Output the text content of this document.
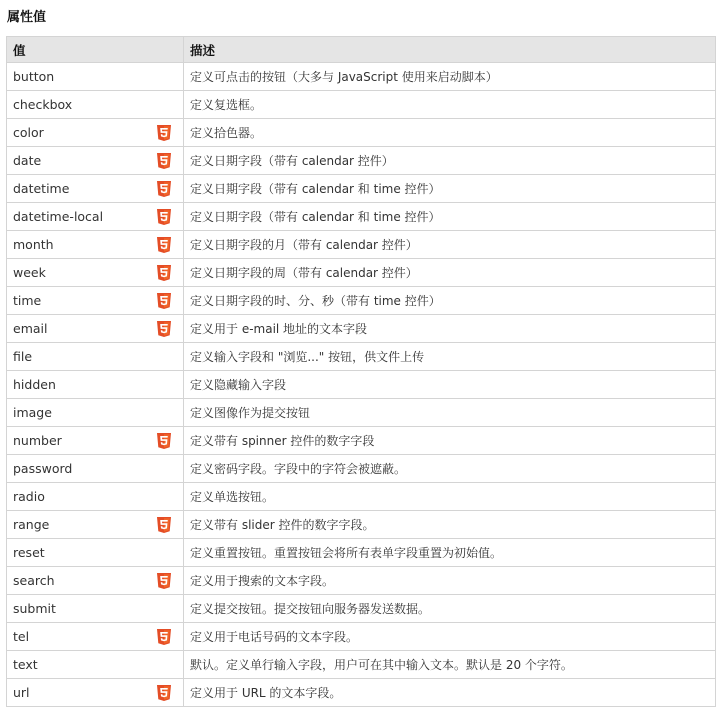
属性值
值	描述
button	定义可点击的按钮（大多与 JavaScript 使用来启动脚本）
checkbox	定义复选框。
color	定义拾色器。
date	定义日期字段（带有 calendar 控件）
datetime	定义日期字段（带有 calendar 和 time 控件）
datetime-local	定义日期字段（带有 calendar 和 time 控件）
month	定义日期字段的月（带有 calendar 控件）
week	定义日期字段的周（带有 calendar 控件）
time	定义日期字段的时、分、秒（带有 time 控件）
email	定义用于 e-mail 地址的文本字段
file	定义输入字段和 "浏览..." 按钮，供文件上传
hidden	定义隐藏输入字段
image	定义图像作为提交按钮
number	定义带有 spinner 控件的数字字段
password	定义密码字段。字段中的字符会被遮蔽。
radio	定义单选按钮。
range	定义带有 slider 控件的数字字段。
reset	定义重置按钮。重置按钮会将所有表单字段重置为初始值。
search	定义用于搜索的文本字段。
submit	定义提交按钮。提交按钮向服务器发送数据。
tel	定义用于电话号码的文本字段。
text	默认。定义单行输入字段，用户可在其中输入文本。默认是 20 个字符。
url	定义用于 URL 的文本字段。
